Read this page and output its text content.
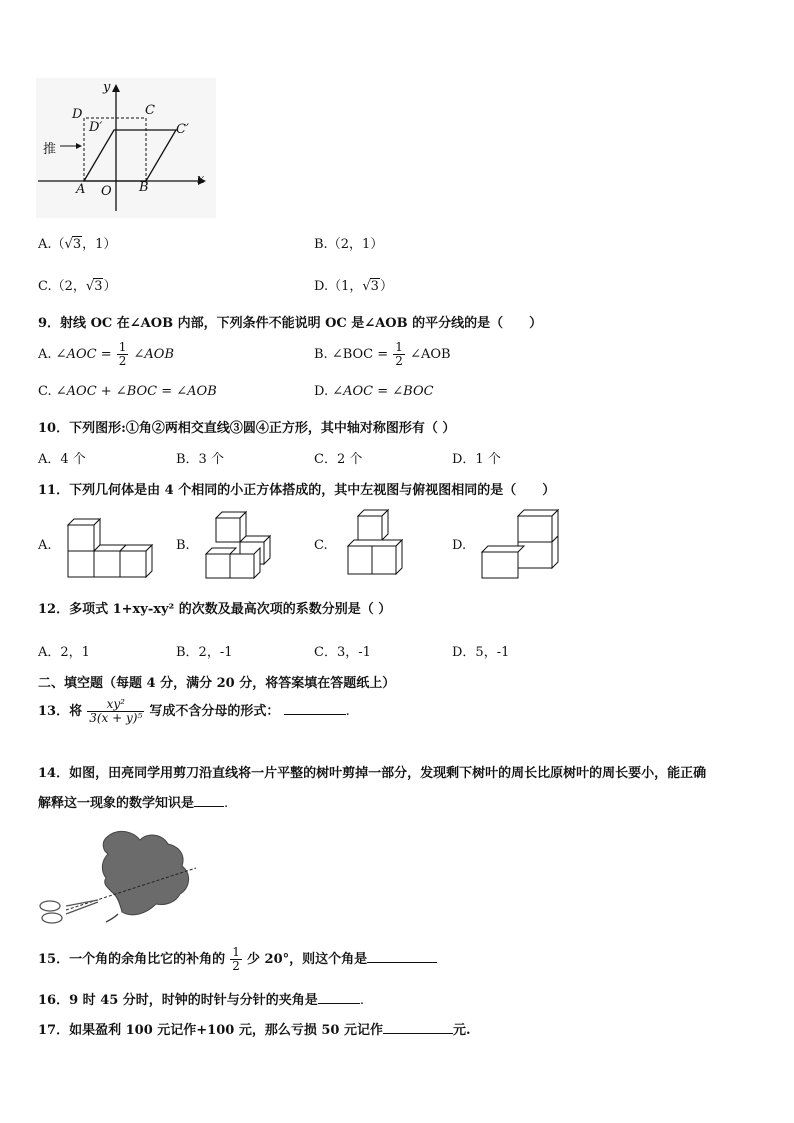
y
x
D	C
D′	C′
推
A O B
A.（√3，1）	B.（2，1）
C.（2，√3）	D.（1，√3）
9．射线 OC 在∠AOB 内部，下列条件不能说明 OC 是∠AOB 的平分线的是（　　）
A. ∠AOC = $\frac{1}{2}$ ∠AOB	B. ∠BOC = $\frac{1}{2}$ ∠AOB
C. ∠AOC + ∠BOC = ∠AOB	D. ∠AOC = ∠BOC
10．下列图形:①角②两相交直线③圆④正方形，其中轴对称图形有（ ）
A．4 个	B．3 个	C．2 个	D．1 个
11．下列几何体是由 4 个相同的小正方体搭成的，其中左视图与俯视图相同的是（　　）
A.	B.	C.	D.
12．多项式 1+xy-xy² 的次数及最高次项的系数分别是（ ）
A．2，1	B．2，-1	C．3，-1	D．5，-1
二、填空题（每题 4 分，满分 20 分，将答案填在答题纸上）
13．将 $\frac{\text{xy²}}{\text{3(x + y)⁵}}$ 写成不含分母的形式：	.
14．如图，田亮同学用剪刀沿直线将一片平整的树叶剪掉一部分，发现剩下树叶的周长比原树叶的周长要小，能正确
解释这一现象的数学知识是 .
15．一个角的余角比它的补角的 $\frac{1}{2}$ 少 20°，则这个角是
16．9 时 45 分时，时钟的时针与分针的夹角是	.
17．如果盈利 100 元记作+100 元，那么亏损 50 元记作	元.
